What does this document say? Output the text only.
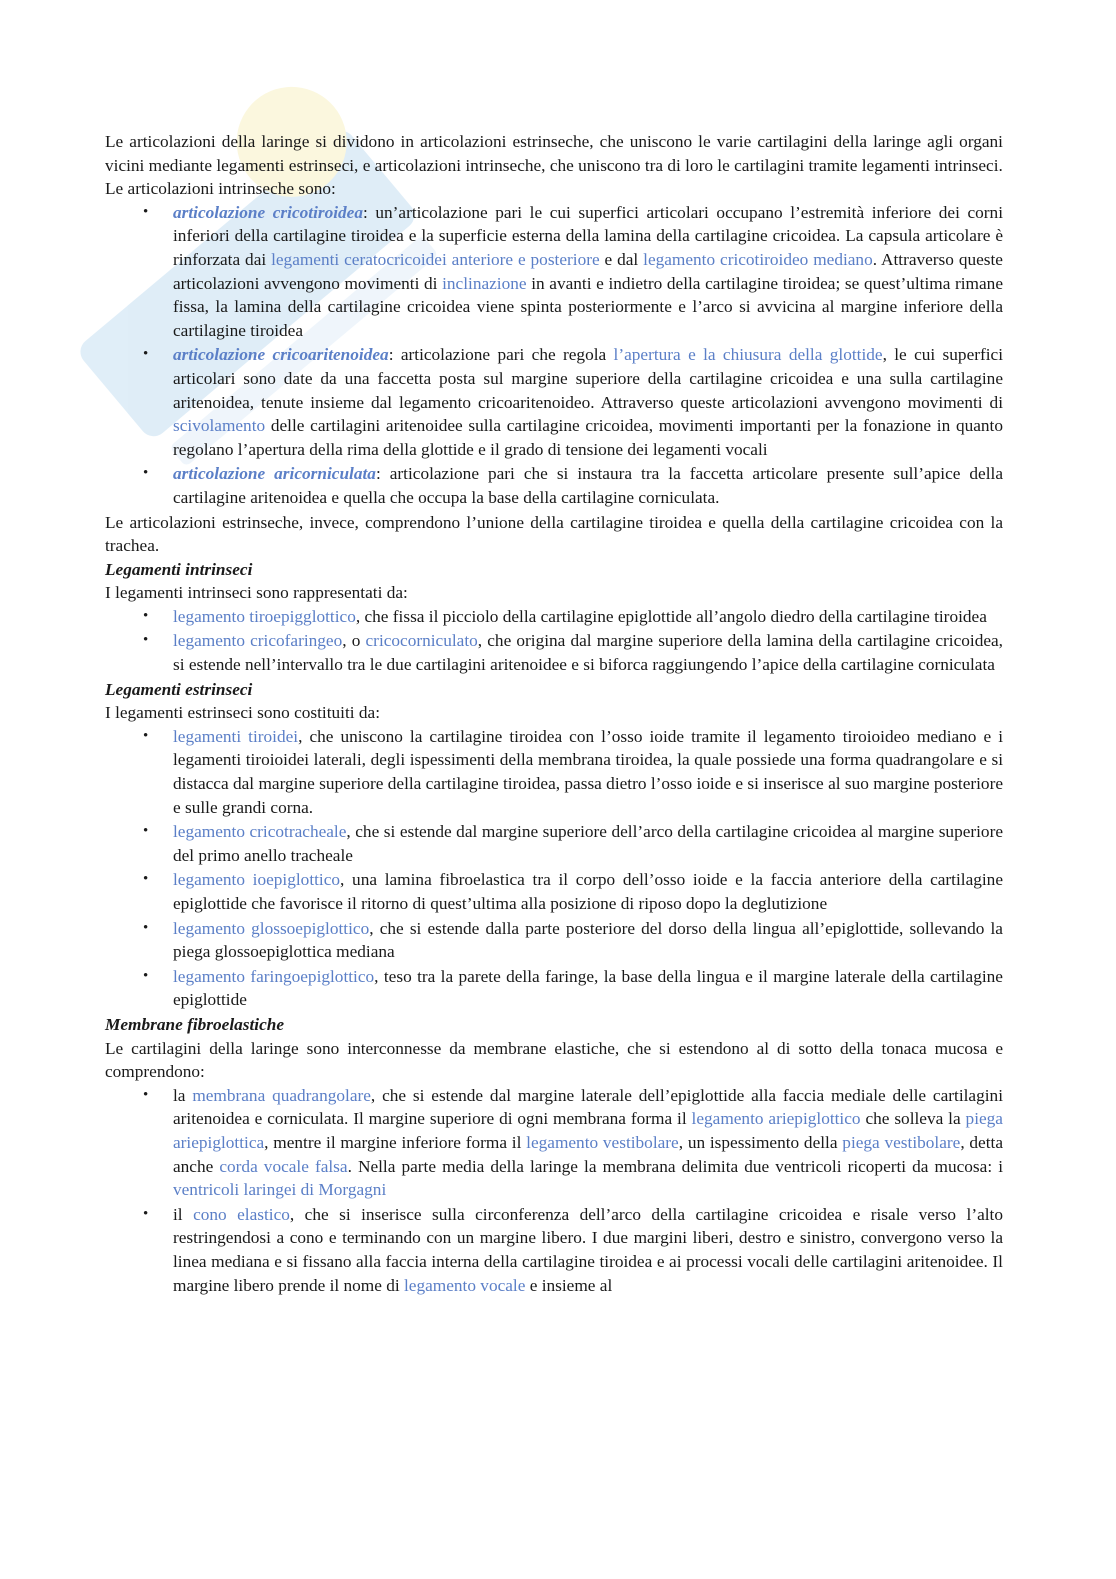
Le articolazioni della laringe si dividono in articolazioni estrinseche, che uniscono le varie cartilagini della laringe agli organi vicini mediante legamenti estrinseci, e articolazioni intrinseche, che uniscono tra di loro le cartilagini tramite legamenti intrinseci.

Le articolazioni intrinseche sono:

• articolazione cricotiroidea: un’articolazione pari le cui superfici articolari occupano l’estremità inferiore dei corni inferiori della cartilagine tiroidea e la superficie esterna della lamina della cartilagine cricoidea. La capsula articolare è rinforzata dai legamenti ceratocricoidei anteriore e posteriore e dal legamento cricotiroideo mediano. Attraverso queste articolazioni avvengono movimenti di inclinazione in avanti e indietro della cartilagine tiroidea; se quest’ultima rimane fissa, la lamina della cartilagine cricoidea viene spinta posteriormente e l’arco si avvicina al margine inferiore della cartilagine tiroidea
• articolazione cricoaritenoidea: articolazione pari che regola l’apertura e la chiusura della glottide, le cui superfici articolari sono date da una faccetta posta sul margine superiore della cartilagine cricoidea e una sulla cartilagine aritenoidea, tenute insieme dal legamento cricoaritenoideo. Attraverso queste articolazioni avvengono movimenti di scivolamento delle cartilagini aritenoidee sulla cartilagine cricoidea, movimenti importanti per la fonazione in quanto regolano l’apertura della rima della glottide e il grado di tensione dei legamenti vocali
• articolazione aricorniculata: articolazione pari che si instaura tra la faccetta articolare presente sull’apice della cartilagine aritenoidea e quella che occupa la base della cartilagine corniculata.

Le articolazioni estrinseche, invece, comprendono l’unione della cartilagine tiroidea e quella della cartilagine cricoidea con la trachea.

Legamenti intrinseci

I legamenti intrinseci sono rappresentati da:

• legamento tiroepigglottico, che fissa il picciolo della cartilagine epiglottide all’angolo diedro della cartilagine tiroidea
• legamento cricofaringeo, o cricocorniculato, che origina dal margine superiore della lamina della cartilagine cricoidea, si estende nell’intervallo tra le due cartilagini aritenoidee e si biforca raggiungendo l’apice della cartilagine corniculata

Legamenti estrinseci

I legamenti estrinseci sono costituiti da:

• legamenti tiroidei, che uniscono la cartilagine tiroidea con l’osso ioide tramite il legamento tiroioideo mediano e i legamenti tiroioidei laterali, degli ispessimenti della membrana tiroidea, la quale possiede una forma quadrangolare e si distacca dal margine superiore della cartilagine tiroidea, passa dietro l’osso ioide e si inserisce al suo margine posteriore e sulle grandi corna.
• legamento cricotracheale, che si estende dal margine superiore dell’arco della cartilagine cricoidea al margine superiore del primo anello tracheale
• legamento ioepiglottico, una lamina fibroelastica tra il corpo dell’osso ioide e la faccia anteriore della cartilagine epiglottide che favorisce il ritorno di quest’ultima alla posizione di riposo dopo la deglutizione
• legamento glossoepiglottico, che si estende dalla parte posteriore del dorso della lingua all’epiglottide, sollevando la piega glossoepiglottica mediana
• legamento faringoepiglottico, teso tra la parete della faringe, la base della lingua e il margine laterale della cartilagine epiglottide

Membrane fibroelastiche

Le cartilagini della laringe sono interconnesse da membrane elastiche, che si estendono al di sotto della tonaca mucosa e comprendono:

• la membrana quadrangolare, che si estende dal margine laterale dell’epiglottide alla faccia mediale delle cartilagini aritenoidea e corniculata. Il margine superiore di ogni membrana forma il legamento ariepiglottico che solleva la piega ariepiglottica, mentre il margine inferiore forma il legamento vestibolare, un ispessimento della piega vestibolare, detta anche corda vocale falsa. Nella parte media della laringe la membrana delimita due ventricoli ricoperti da mucosa: i ventricoli laringei di Morgagni
• il cono elastico, che si inserisce sulla circonferenza dell’arco della cartilagine cricoidea e risale verso l’alto restringendosi a cono e terminando con un margine libero. I due margini liberi, destro e sinistro, convergono verso la linea mediana e si fissano alla faccia interna della cartilagine tiroidea e ai processi vocali delle cartilagini aritenoidee. Il margine libero prende il nome di legamento vocale e insieme al
